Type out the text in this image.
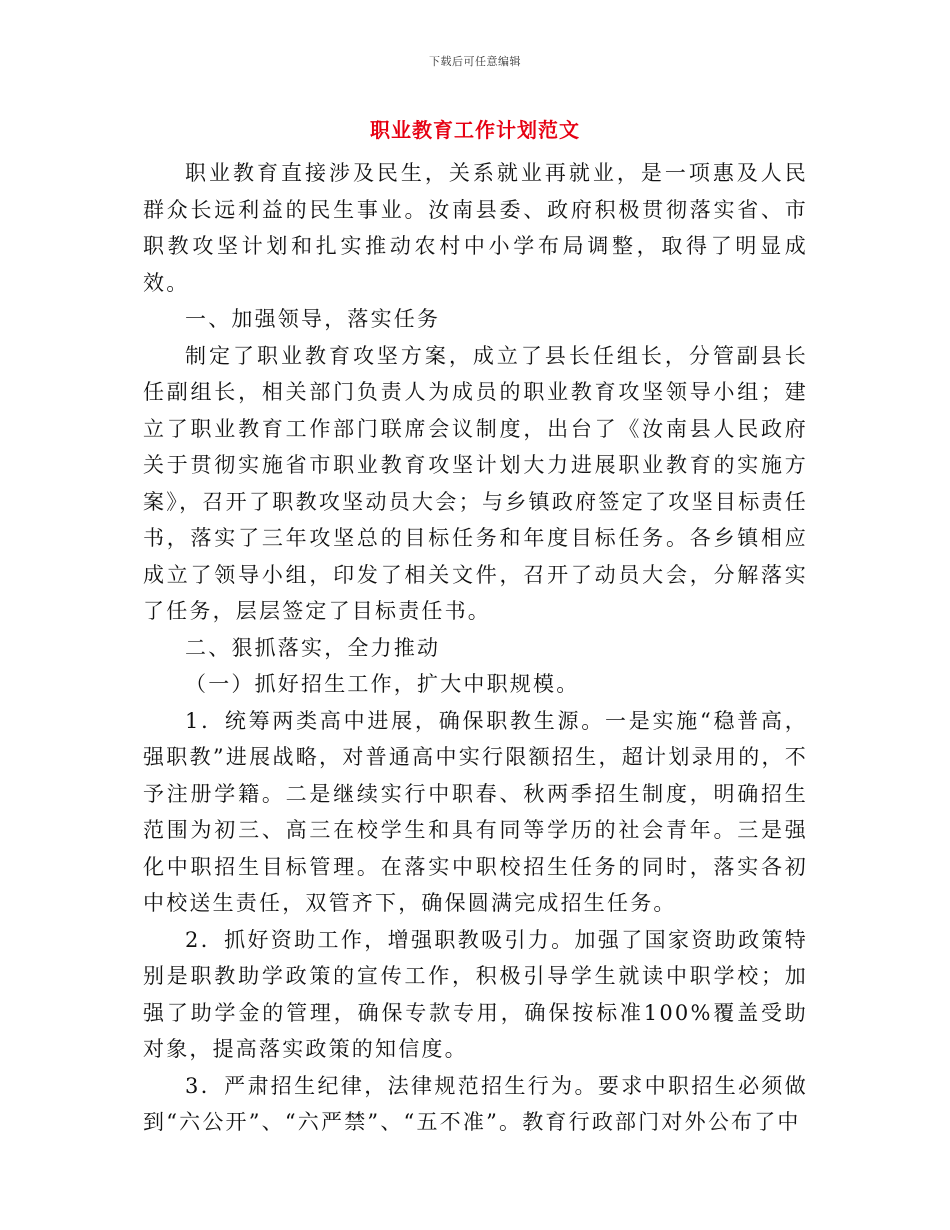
下载后可任意编辑
职业教育工作计划范文

职业教育直接涉及民生，关系就业再就业，是一项惠及人民群众长远利益的民生事业。汝南县委、政府积极贯彻落实省、市职教攻坚计划和扎实推动农村中小学布局调整，取得了明显成效。

一、加强领导，落实任务

制定了职业教育攻坚方案，成立了县长任组长，分管副县长任副组长，相关部门负责人为成员的职业教育攻坚领导小组；建立了职业教育工作部门联席会议制度，出台了《汝南县人民政府关于贯彻实施省市职业教育攻坚计划大力进展职业教育的实施方案》，召开了职教攻坚动员大会；与乡镇政府签定了攻坚目标责任书，落实了三年攻坚总的目标任务和年度目标任务。各乡镇相应成立了领导小组，印发了相关文件，召开了动员大会，分解落实了任务，层层签定了目标责任书。

二、狠抓落实，全力推动

（一）抓好招生工作，扩大中职规模。

1．统筹两类高中进展，确保职教生源。一是实施“稳普高，强职教”进展战略，对普通高中实行限额招生，超计划录用的，不予注册学籍。二是继续实行中职春、秋两季招生制度，明确招生范围为初三、高三在校学生和具有同等学历的社会青年。三是强化中职招生目标管理。在落实中职校招生任务的同时，落实各初中校送生责任，双管齐下，确保圆满完成招生任务。

2．抓好资助工作，增强职教吸引力。加强了国家资助政策特别是职教助学政策的宣传工作，积极引导学生就读中职学校；加强了助学金的管理，确保专款专用，确保按标准100%覆盖受助对象，提高落实政策的知信度。

3．严肃招生纪律，法律规范招生行为。要求中职招生必须做到“六公开”、“六严禁”、“五不准”。教育行政部门对外公布了中
